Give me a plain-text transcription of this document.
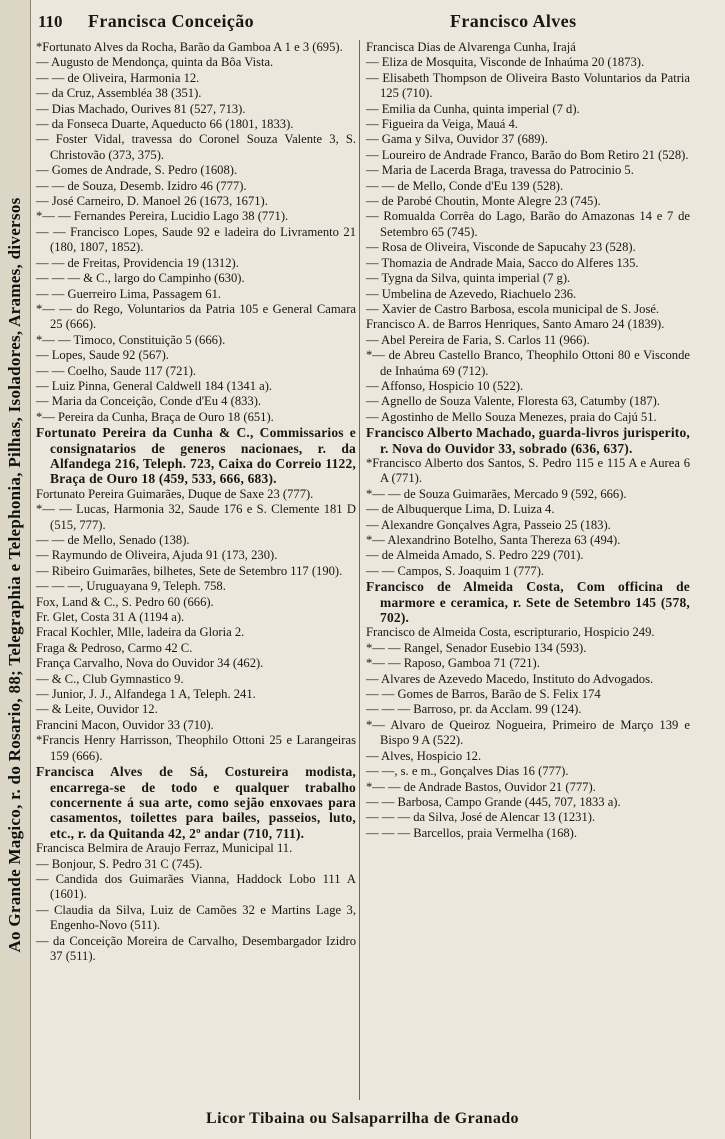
Ao Grande Magico, r. do Rosario, 88; Telegraphia e Telephonia, Pilhas, Isoladores, Arames, diversos
110 Francisca Conceição	Francisco Alves

*Fortunato Alves da Rocha, Barão da Gamboa A 1 e 3 (695).

— Augusto de Mendonça, quinta da Bôa Vista.

— — de Oliveira, Harmonia 12.

— da Cruz, Assembléa 38 (351).

— Dias Machado, Ourives 81 (527, 713).

— da Fonseca Duarte, Aqueducto 66 (1801, 1833).

— Foster Vidal, travessa do Coronel Souza Valente 3, S. Christovão (373, 375).

— Gomes de Andrade, S. Pedro (1608).

— — de Souza, Desemb. Izidro 46 (777).

— José Carneiro, D. Manoel 26 (1673, 1671).

*— — Fernandes Pereira, Lucidio Lago 38 (771).

— — Francisco Lopes, Saude 92 e ladeira do Livramento 21 (180, 1807, 1852).

— — de Freitas, Providencia 19 (1312).

— — — & C., largo do Campinho (630).

— — Guerreiro Lima, Passagem 61.

*— — do Rego, Voluntarios da Patria 105 e General Camara 25 (666).

*— — Timoco, Constituição 5 (666).

— Lopes, Saude 92 (567).

— — Coelho, Saude 117 (721).

— Luiz Pinna, General Caldwell 184 (1341 a).

— Maria da Conceição, Conde d'Eu 4 (833).

*— Pereira da Cunha, Braça de Ouro 18 (651).

Fortunato Pereira da Cunha & C., Commissarios e consignatarios de generos nacionaes, r. da Alfandega 216, Teleph. 723, Caixa do Correio 1122, Braça de Ouro 18 (459, 533, 666, 683).

Fortunato Pereira Guimarães, Duque de Saxe 23 (777).

*— — Lucas, Harmonia 32, Saude 176 e S. Clemente 181 D (515, 777).

— — de Mello, Senado (138).

— Raymundo de Oliveira, Ajuda 91 (173, 230).

— Ribeiro Guimarães, bilhetes, Sete de Setembro 117 (190).

— — —, Uruguayana 9, Teleph. 758.

Fox, Land & C., S. Pedro 60 (666).

Fr. Glet, Costa 31 A (1194 a).

Fracal Kochler, Mlle, ladeira da Gloria 2.

Fraga & Pedroso, Carmo 42 C.

França Carvalho, Nova do Ouvidor 34 (462).

— & C., Club Gymnastico 9.

— Junior, J. J., Alfandega 1 A, Teleph. 241.

— & Leite, Ouvidor 12.

Francini Macon, Ouvidor 33 (710).

*Francis Henry Harrisson, Theophilo Ottoni 25 e Larangeiras 159 (666).

Francisca Alves de Sá, Costureira modista, encarrega-se de todo e qualquer trabalho concernente á sua arte, como sejão enxovaes para casamentos, toilettes para bailes, passeios, luto, etc., r. da Quitanda 42, 2º andar (710, 711).

Francisca Belmira de Araujo Ferraz, Municipal 11.

— Bonjour, S. Pedro 31 C (745).

— Candida dos Guimarães Vianna, Haddock Lobo 111 A (1601).

— Claudia da Silva, Luiz de Camões 32 e Martins Lage 3, Engenho-Novo (511).

— da Conceição Moreira de Carvalho, Desembargador Izidro 37 (511).

Francisca Dias de Alvarenga Cunha, Irajá

— Eliza de Mosquita, Visconde de Inhaúma 20 (1873).

— Elisabeth Thompson de Oliveira Basto Voluntarios da Patria 125 (710).

— Emilia da Cunha, quinta imperial (7 d).

— Figueira da Veiga, Mauá 4.

— Gama y Silva, Ouvidor 37 (689).

— Loureiro de Andrade Franco, Barão do Bom Retiro 21 (528).

— Maria de Lacerda Braga, travessa do Patrocinio 5.

— — de Mello, Conde d'Eu 139 (528).

— de Parobé Choutin, Monte Alegre 23 (745).

— Romualda Corrêa do Lago, Barão do Amazonas 14 e 7 de Setembro 65 (745).

— Rosa de Oliveira, Visconde de Sapucahy 23 (528).

— Thomazia de Andrade Maia, Sacco do Alferes 135.

— Tygna da Silva, quinta imperial (7 g).

— Umbelina de Azevedo, Riachuelo 236.

— Xavier de Castro Barbosa, escola municipal de S. José.

Francisco A. de Barros Henriques, Santo Amaro 24 (1839).

— Abel Pereira de Faria, S. Carlos 11 (966).

*— de Abreu Castello Branco, Theophilo Ottoni 80 e Visconde de Inhaúma 69 (712).

— Affonso, Hospicio 10 (522).

— Agnello de Souza Valente, Floresta 63, Catumby (187).

— Agostinho de Mello Souza Menezes, praia do Cajú 51.

Francisco Alberto Machado, guarda-livros jurisperito, r. Nova do Ouvidor 33, sobrado (636, 637).

*Francisco Alberto dos Santos, S. Pedro 115 e 115 A e Aurea 6 A (771).

*— — de Souza Guimarães, Mercado 9 (592, 666).

— de Albuquerque Lima, D. Luiza 4.

— Alexandre Gonçalves Agra, Passeio 25 (183).

*— Alexandrino Botelho, Santa Thereza 63 (494).

— de Almeida Amado, S. Pedro 229 (701).

— — Campos, S. Joaquim 1 (777).

Francisco de Almeida Costa, Com officina de marmore e ceramica, r. Sete de Setembro 145 (578, 702).

Francisco de Almeida Costa, escripturario, Hospicio 249.

*— — Rangel, Senador Eusebio 134 (593).

*— — Raposo, Gamboa 71 (721).

— Alvares de Azevedo Macedo, Instituto do Advogados.

— — Gomes de Barros, Barão de S. Felix 174

— — — Barroso, pr. da Acclam. 99 (124).

*— Alvaro de Queiroz Nogueira, Primeiro de Março 139 e Bispo 9 A (522).

— Alves, Hospicio 12.

— —, s. e m., Gonçalves Dias 16 (777).

*— — de Andrade Bastos, Ouvidor 21 (777).

— — Barbosa, Campo Grande (445, 707, 1833 a).

— — — da Silva, José de Alencar 13 (1231).

— — — Barcellos, praia Vermelha (168).

Licor Tibaina ou Salsaparrilha de Granado
